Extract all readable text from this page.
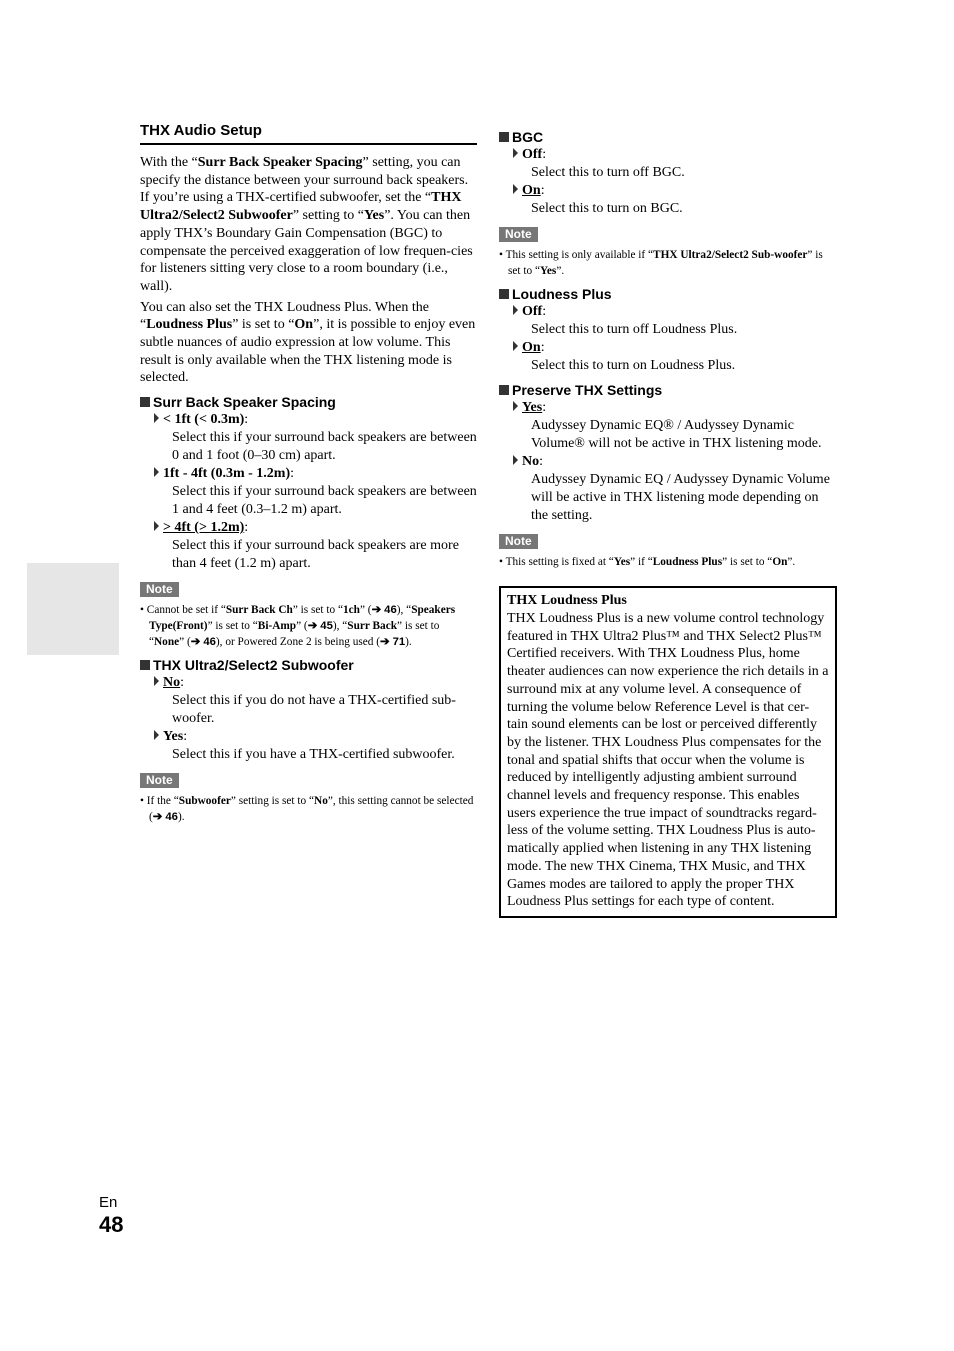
THX Audio Setup

With the “Surr Back Speaker Spacing” setting, you can specify the distance between your surround back speakers. If you’re using a THX-certified subwoofer, set the “THX Ultra2/Select2 Subwoofer” setting to “Yes”. You can then apply THX’s Boundary Gain Compensation (BGC) to compensate the perceived exaggeration of low frequen-cies for listeners sitting very close to a room boundary (i.e., wall).

You can also set the THX Loudness Plus. When the “Loudness Plus” is set to “On”, it is possible to enjoy even subtle nuances of audio expression at low volume. This result is only available when the THX listening mode is selected.

Surr Back Speaker Spacing
< 1ft (< 0.3m):
Select this if your surround back speakers are between 0 and 1 foot (0–30 cm) apart.
1ft - 4ft (0.3m - 1.2m):
Select this if your surround back speakers are between 1 and 4 feet (0.3–1.2 m) apart.
> 4ft (> 1.2m):
Select this if your surround back speakers are more than 4 feet (1.2 m) apart.
Note
• Cannot be set if “Surr Back Ch” is set to “1ch” (➔ 46), “Speakers Type(Front)” is set to “Bi-Amp” (➔ 45), “Surr Back” is set to “None” (➔ 46), or Powered Zone 2 is being used (➔ 71).
THX Ultra2/Select2 Subwoofer
No:
Select this if you do not have a THX-certified sub-woofer.
Yes:
Select this if you have a THX-certified subwoofer.
Note
• If the “Subwoofer” setting is set to “No”, this setting cannot be selected (➔ 46).
BGC
Off:
Select this to turn off BGC.
On:
Select this to turn on BGC.
Note
• This setting is only available if “THX Ultra2/Select2 Sub-woofer” is set to “Yes”.
Loudness Plus
Off:
Select this to turn off Loudness Plus.
On:
Select this to turn on Loudness Plus.
Preserve THX Settings
Yes:
Audyssey Dynamic EQ® / Audyssey Dynamic Volume® will not be active in THX listening mode.
No:
Audyssey Dynamic EQ / Audyssey Dynamic Volume will be active in THX listening mode depending on the setting.
Note
• This setting is fixed at “Yes” if “Loudness Plus” is set to “On”.
THX Loudness Plus
THX Loudness Plus is a new volume control technology featured in THX Ultra2 Plus™ and THX Select2 Plus™ Certified receivers. With THX Loudness Plus, home theater audiences can now experience the rich details in a surround mix at any volume level. A consequence of turning the volume below Reference Level is that cer-tain sound elements can be lost or perceived differently by the listener. THX Loudness Plus compensates for the tonal and spatial shifts that occur when the volume is reduced by intelligently adjusting ambient surround channel levels and frequency response. This enables users experience the true impact of soundtracks regard-less of the volume setting. THX Loudness Plus is auto-matically applied when listening in any THX listening mode. The new THX Cinema, THX Music, and THX Games modes are tailored to apply the proper THX Loudness Plus settings for each type of content.
En
48
